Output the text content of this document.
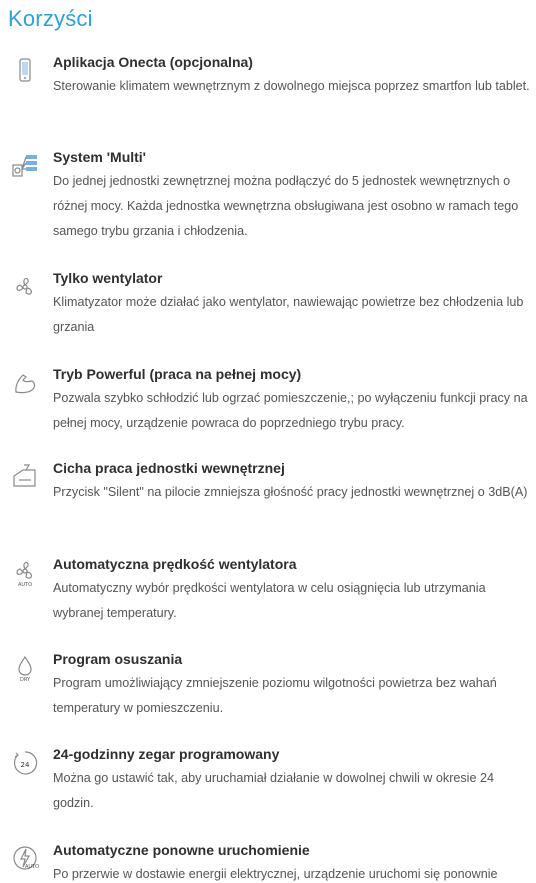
Korzyści
Aplikacja Onecta (opcjonalna)

Sterowanie klimatem wewnętrznym z dowolnego miejsca poprzez smartfon lub tablet.

System 'Multi'

Do jednej jednostki zewnętrznej można podłączyć do 5 jednostek wewnętrznych o różnej mocy. Każda jednostka wewnętrzna obsługiwana jest osobno w ramach tego samego trybu grzania i chłodzenia.

Tylko wentylator

Klimatyzator może działać jako wentylator, nawiewając powietrze bez chłodzenia lub grzania

Tryb Powerful (praca na pełnej mocy)

Pozwala szybko schłodzić lub ogrzać pomieszczenie,; po wyłączeniu funkcji pracy na pełnej mocy, urządzenie powraca do poprzedniego trybu pracy.

Cicha praca jednostki wewnętrznej

Przycisk "Silent" na pilocie zmniejsza głośność pracy jednostki wewnętrznej o 3dB(A)

AUTO
Automatyczna prędkość wentylatora

Automatyczny wybór prędkości wentylatora w celu osiągnięcia lub utrzymania wybranej temperatury.

DRY
Program osuszania

Program umożliwiający zmniejszenie poziomu wilgotności powietrza bez wahań temperatury w pomieszczeniu.

24
24-godzinny zegar programowany

Można go ustawić tak, aby uruchamiał działanie w dowolnej chwili w okresie 24 godzin.

AUTO
Automatyczne ponowne uruchomienie

Po przerwie w dostawie energii elektrycznej, urządzenie uruchomi się ponownie
